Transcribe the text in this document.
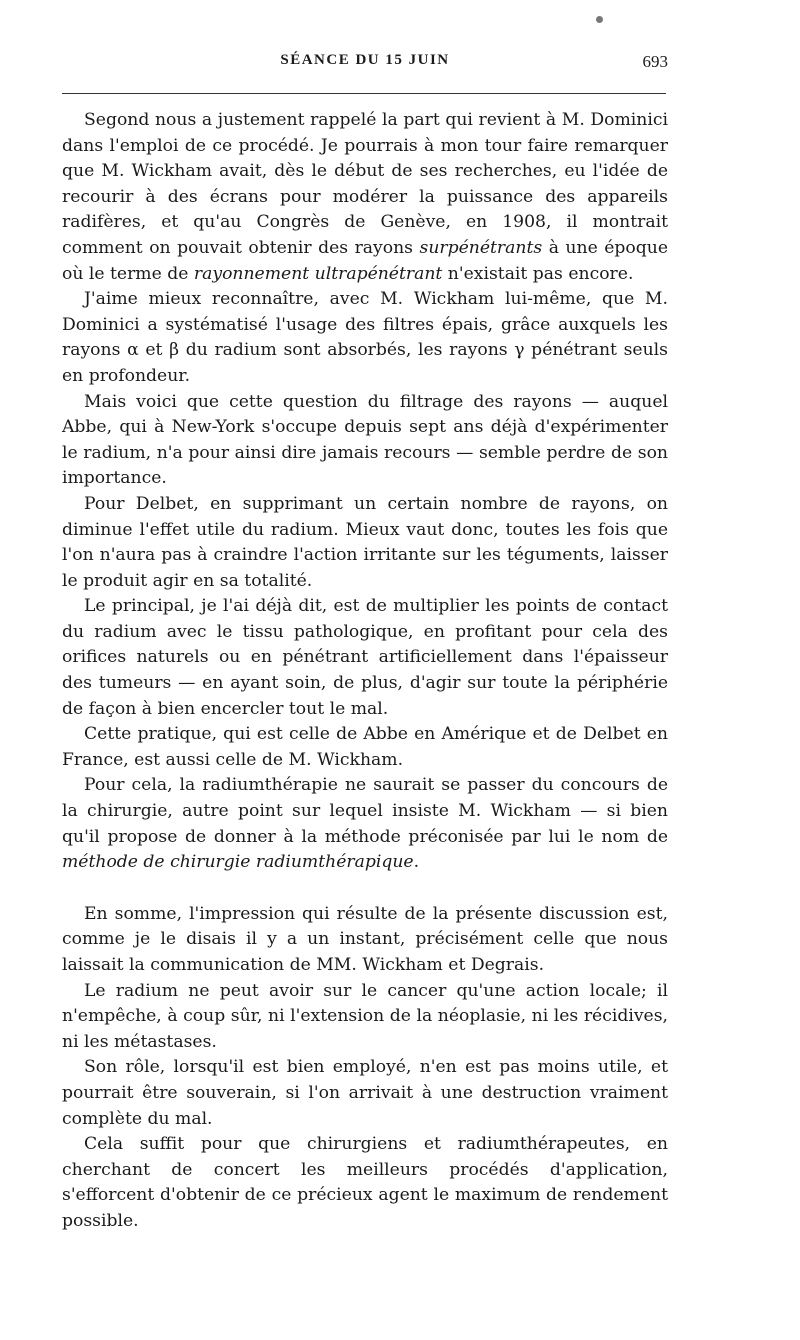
SÉANCE DU 15 JUIN	693

Segond nous a justement rappelé la part qui revient à M. Dominici dans l'emploi de ce procédé. Je pourrais à mon tour faire remarquer que M. Wickham avait, dès le début de ses recherches, eu l'idée de recourir à des écrans pour modérer la puissance des appareils radifères, et qu'au Congrès de Genève, en 1908, il montrait comment on pouvait obtenir des rayons surpénétrants à une époque où le terme de rayonnement ultrapénétrant n'existait pas encore.

J'aime mieux reconnaître, avec M. Wickham lui-même, que M. Dominici a systématisé l'usage des filtres épais, grâce auxquels les rayons α et β du radium sont absorbés, les rayons γ pénétrant seuls en profondeur.

Mais voici que cette question du filtrage des rayons — auquel Abbe, qui à New-York s'occupe depuis sept ans déjà d'expérimenter le radium, n'a pour ainsi dire jamais recours — semble perdre de son importance.

Pour Delbet, en supprimant un certain nombre de rayons, on diminue l'effet utile du radium. Mieux vaut donc, toutes les fois que l'on n'aura pas à craindre l'action irritante sur les téguments, laisser le produit agir en sa totalité.

Le principal, je l'ai déjà dit, est de multiplier les points de contact du radium avec le tissu pathologique, en profitant pour cela des orifices naturels ou en pénétrant artificiellement dans l'épaisseur des tumeurs — en ayant soin, de plus, d'agir sur toute la périphérie de façon à bien encercler tout le mal.

Cette pratique, qui est celle de Abbe en Amérique et de Delbet en France, est aussi celle de M. Wickham.

Pour cela, la radiumthérapie ne saurait se passer du concours de la chirurgie, autre point sur lequel insiste M. Wickham — si bien qu'il propose de donner à la méthode préconisée par lui le nom de méthode de chirurgie radiumthérapique.

En somme, l'impression qui résulte de la présente discussion est, comme je le disais il y a un instant, précisément celle que nous laissait la communication de MM. Wickham et Degrais.

Le radium ne peut avoir sur le cancer qu'une action locale; il n'empêche, à coup sûr, ni l'extension de la néoplasie, ni les récidives, ni les métastases.

Son rôle, lorsqu'il est bien employé, n'en est pas moins utile, et pourrait être souverain, si l'on arrivait à une destruction vraiment complète du mal.

Cela suffit pour que chirurgiens et radiumthérapeutes, en cherchant de concert les meilleurs procédés d'application, s'efforcent d'obtenir de ce précieux agent le maximum de rendement possible.
